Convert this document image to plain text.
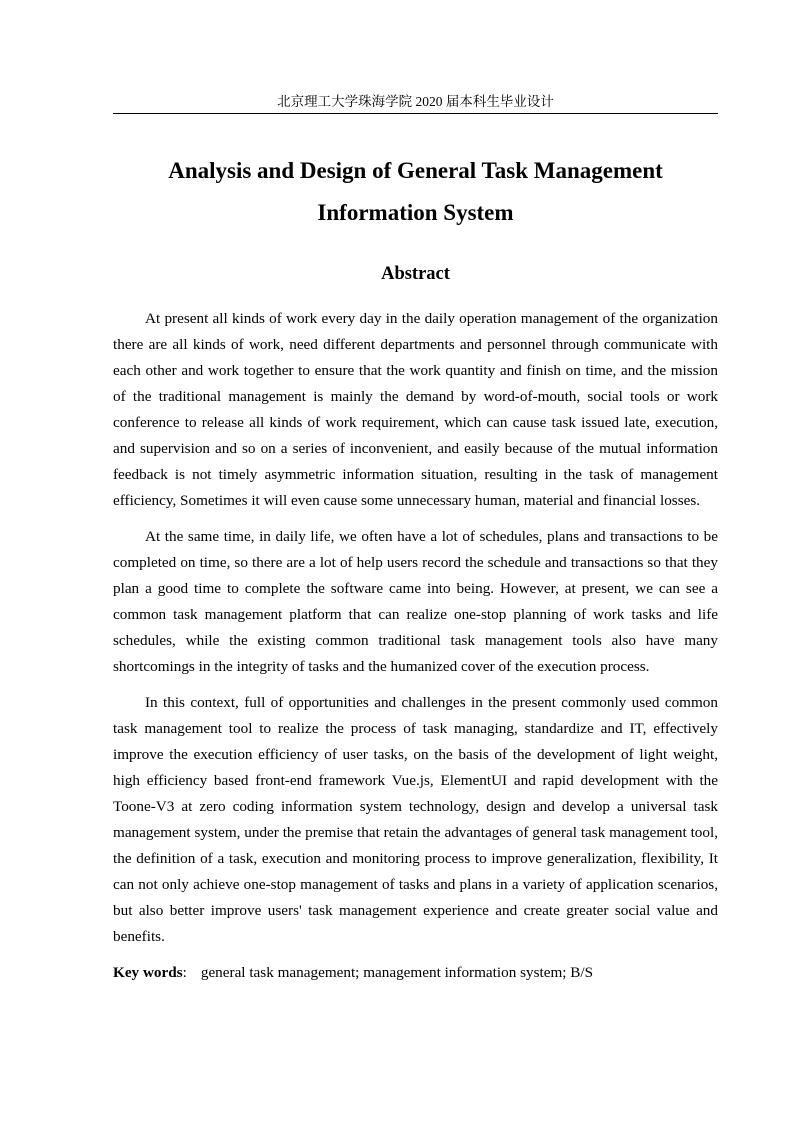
北京理工大学珠海学院 2020 届本科生毕业设计
Analysis and Design of General Task Management
Information System
Abstract

At present all kinds of work every day in the daily operation management of the organization there are all kinds of work, need different departments and personnel through communicate with each other and work together to ensure that the work quantity and finish on time, and the mission of the traditional management is mainly the demand by word-of-mouth, social tools or work conference to release all kinds of work requirement, which can cause task issued late, execution, and supervision and so on a series of inconvenient, and easily because of the mutual information feedback is not timely asymmetric information situation, resulting in the task of management efficiency, Sometimes it will even cause some unnecessary human, material and financial losses.

At the same time, in daily life, we often have a lot of schedules, plans and transactions to be completed on time, so there are a lot of help users record the schedule and transactions so that they plan a good time to complete the software came into being. However, at present, we can see a common task management platform that can realize one-stop planning of work tasks and life schedules, while the existing common traditional task management tools also have many shortcomings in the integrity of tasks and the humanized cover of the execution process.

In this context, full of opportunities and challenges in the present commonly used common task management tool to realize the process of task managing, standardize and IT, effectively improve the execution efficiency of user tasks, on the basis of the development of light weight, high efficiency based front-end framework Vue.js, ElementUI and rapid development with the Toone-V3 at zero coding information system technology, design and develop a universal task management system, under the premise that retain the advantages of general task management tool, the definition of a task, execution and monitoring process to improve generalization, flexibility, It can not only achieve one-stop management of tasks and plans in a variety of application scenarios, but also better improve users' task management experience and create greater social value and benefits.

Key words: general task management; management information system; B/S
